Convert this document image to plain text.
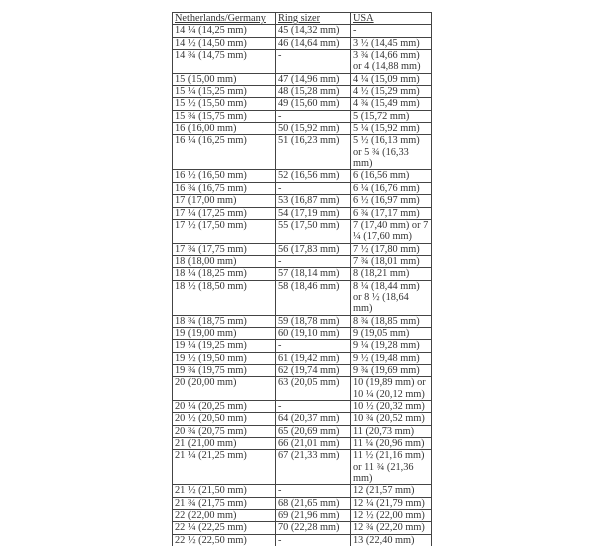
Netherlands/Germany	Ring sizer	USA
14 ¼ (14,25 mm)	45 (14,32 mm)	-
14 ½ (14,50 mm)	46 (14,64 mm)	3 ½ (14,45 mm)
14 ¾ (14,75 mm)	-	3 ¾ (14,66 mm) or 4 (14,88 mm)
15 (15,00 mm)	47 (14,96 mm)	4 ¼ (15,09 mm)
15 ¼ (15,25 mm)	48 (15,28 mm)	4 ½ (15,29 mm)
15 ½ (15,50 mm)	49 (15,60 mm)	4 ¾ (15,49 mm)
15 ¾ (15,75 mm)	-	5 (15,72 mm)
16 (16,00 mm)	50 (15,92 mm)	5 ¼ (15,92 mm)
16 ¼ (16,25 mm)	51 (16,23 mm)	5 ½ (16,13 mm) or 5 ¾ (16,33 mm)
16 ½ (16,50 mm)	52 (16,56 mm)	6 (16,56 mm)
16 ¾ (16,75 mm)	-	6 ¼ (16,76 mm)
17 (17,00 mm)	53 (16,87 mm)	6 ½ (16,97 mm)
17 ¼ (17,25 mm)	54 (17,19 mm)	6 ¾ (17,17 mm)
17 ½ (17,50 mm)	55 (17,50 mm)	7 (17,40 mm) or 7 ¼ (17,60 mm)
17 ¾ (17,75 mm)	56 (17,83 mm)	7 ½ (17,80 mm)
18 (18,00 mm)	-	7 ¾ (18,01 mm)
18 ¼ (18,25 mm)	57 (18,14 mm)	8 (18,21 mm)
18 ½ (18,50 mm)	58 (18,46 mm)	8 ¼ (18,44 mm) or 8 ½ (18,64 mm)
18 ¾ (18,75 mm)	59 (18,78 mm)	8 ¾ (18,85 mm)
19 (19,00 mm)	60 (19,10 mm)	9 (19,05 mm)
19 ¼ (19,25 mm)	-	9 ¼ (19,28 mm)
19 ½ (19,50 mm)	61 (19,42 mm)	9 ½ (19,48 mm)
19 ¾ (19,75 mm)	62 (19,74 mm)	9 ¾ (19,69 mm)
20 (20,00 mm)	63 (20,05 mm)	10 (19,89 mm) or 10 ¼ (20,12 mm)
20 ¼ (20,25 mm)	-	10 ½ (20,32 mm)
20 ½ (20,50 mm)	64 (20,37 mm)	10 ¾ (20,52 mm)
20 ¾ (20,75 mm)	65 (20,69 mm)	11 (20,73 mm)
21 (21,00 mm)	66 (21,01 mm)	11 ¼ (20,96 mm)
21 ¼ (21,25 mm)	67 (21,33 mm)	11 ½ (21,16 mm) or 11 ¾ (21,36 mm)
21 ½ (21,50 mm)	-	12 (21,57 mm)
21 ¾ (21,75 mm)	68 (21,65 mm)	12 ¼ (21,79 mm)
22 (22,00 mm)	69 (21,96 mm)	12 ½ (22,00 mm)
22 ¼ (22,25 mm)	70 (22,28 mm)	12 ¾ (22,20 mm)
22 ½ (22,50 mm)	-	13 (22,40 mm)
